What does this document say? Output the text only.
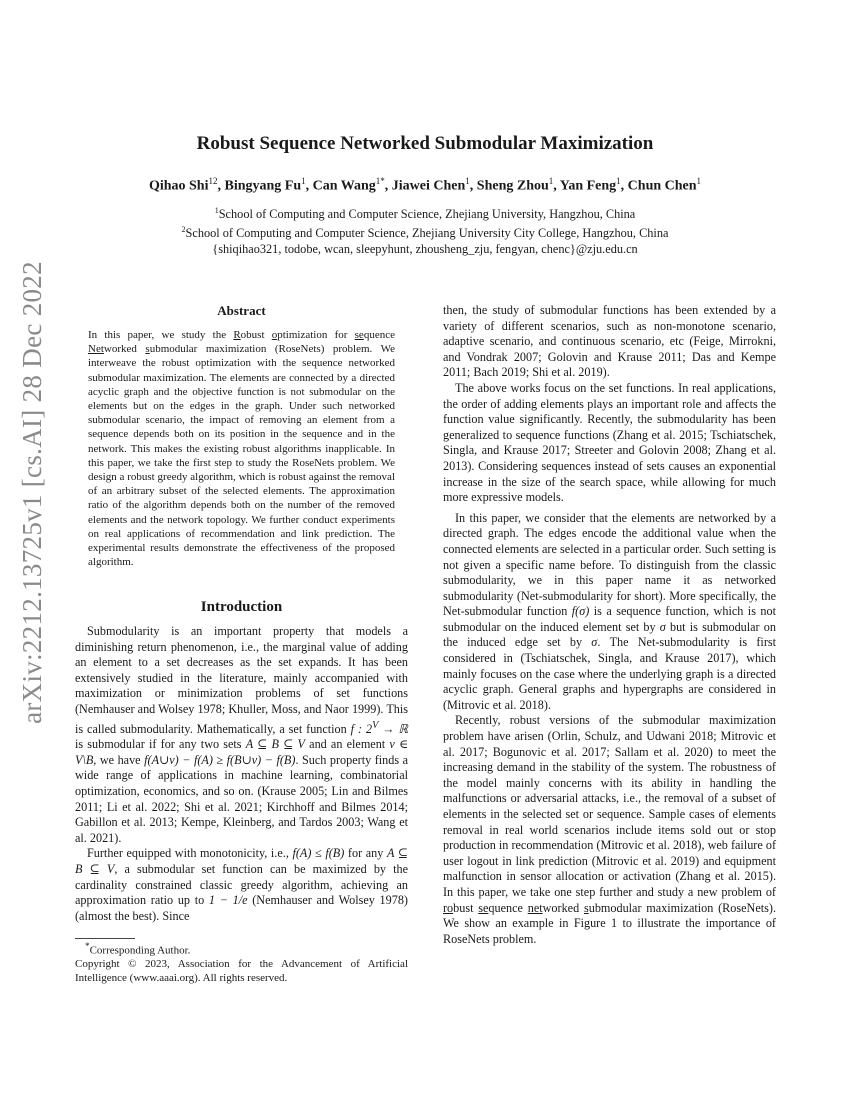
arXiv:2212.13725v1 [cs.AI] 28 Dec 2022
Robust Sequence Networked Submodular Maximization
Qihao Shi$^{12}$, Bingyang Fu$^1$, Can Wang$^{1*}$, Jiawei Chen$^1$, Sheng Zhou$^1$, Yan Feng$^1$, Chun Chen$^1$
$^1$School of Computing and Computer Science, Zhejiang University, Hangzhou, China
$^2$School of Computing and Computer Science, Zhejiang University City College, Hangzhou, China
{shiqihao321, todobe, wcan, sleepyhunt, zhousheng_zju, fengyan, chenc}@zju.edu.cn
Abstract
In this paper, we study the Robust optimization for sequence Networked submodular maximization (RoseNets) problem. We interweave the robust optimization with the sequence networked submodular maximization. The elements are connected by a directed acyclic graph and the objective function is not submodular on the elements but on the edges in the graph. Under such networked submodular scenario, the impact of removing an element from a sequence depends both on its position in the sequence and in the network. This makes the existing robust algorithms inapplicable. In this paper, we take the first step to study the RoseNets problem. We design a robust greedy algorithm, which is robust against the removal of an arbitrary subset of the selected elements. The approximation ratio of the algorithm depends both on the number of the removed elements and the network topology. We further conduct experiments on real applications of recommendation and link prediction. The experimental results demonstrate the effectiveness of the proposed algorithm.
Introduction

Submodularity is an important property that models a diminishing return phenomenon, i.e., the marginal value of adding an element to a set decreases as the set expands. It has been extensively studied in the literature, mainly accompanied with maximization or minimization problems of set functions (Nemhauser and Wolsey 1978; Khuller, Moss, and Naor 1999). This is called submodularity. Mathematically, a set function f : $2^V$ → ℝ is submodular if for any two sets A ⊆ B ⊆ V and an element v ∈ V\B, we have f(A∪v) − f(A) ≥ f(B∪v) − f(B). Such property finds a wide range of applications in machine learning, combinatorial optimization, economics, and so on. (Krause 2005; Lin and Bilmes 2011; Li et al. 2022; Shi et al. 2021; Kirchhoff and Bilmes 2014; Gabillon et al. 2013; Kempe, Kleinberg, and Tardos 2003; Wang et al. 2021).

Further equipped with monotonicity, i.e., f(A) ≤ f(B) for any A ⊆ B ⊆ V, a submodular set function can be maximized by the cardinality constrained classic greedy algorithm, achieving an approximation ratio up to 1 − 1/e (Nemhauser and Wolsey 1978) (almost the best). Since

*Corresponding Author.

Copyright © 2023, Association for the Advancement of Artificial Intelligence (www.aaai.org). All rights reserved.

then, the study of submodular functions has been extended by a variety of different scenarios, such as non-monotone scenario, adaptive scenario, and continuous scenario, etc (Feige, Mirrokni, and Vondrak 2007; Golovin and Krause 2011; Das and Kempe 2011; Bach 2019; Shi et al. 2019).

The above works focus on the set functions. In real applications, the order of adding elements plays an important role and affects the function value significantly. Recently, the submodularity has been generalized to sequence functions (Zhang et al. 2015; Tschiatschek, Singla, and Krause 2017; Streeter and Golovin 2008; Zhang et al. 2013). Considering sequences instead of sets causes an exponential increase in the size of the search space, while allowing for much more expressive models.

In this paper, we consider that the elements are networked by a directed graph. The edges encode the additional value when the connected elements are selected in a particular order. Such setting is not given a specific name before. To distinguish from the classic submodularity, we in this paper name it as networked submodularity (Net-submodularity for short). More specifically, the Net-submodular function f(σ) is a sequence function, which is not submodular on the induced element set by σ but is submodular on the induced edge set by σ. The Net-submodularity is first considered in (Tschiatschek, Singla, and Krause 2017), which mainly focuses on the case where the underlying graph is a directed acyclic graph. General graphs and hypergraphs are considered in (Mitrovic et al. 2018).

Recently, robust versions of the submodular maximization problem have arisen (Orlin, Schulz, and Udwani 2018; Mitrovic et al. 2017; Bogunovic et al. 2017; Sallam et al. 2020) to meet the increasing demand in the stability of the system. The robustness of the model mainly concerns with its ability in handling the malfunctions or adversarial attacks, i.e., the removal of a subset of elements in the selected set or sequence. Sample cases of elements removal in real world scenarios include items sold out or stop production in recommendation (Mitrovic et al. 2018), web failure of user logout in link prediction (Mitrovic et al. 2019) and equipment malfunction in sensor allocation or activation (Zhang et al. 2015). In this paper, we take one step further and study a new problem of robust sequence networked submodular maximization (RoseNets). We show an example in Figure 1 to illustrate the importance of RoseNets problem.
